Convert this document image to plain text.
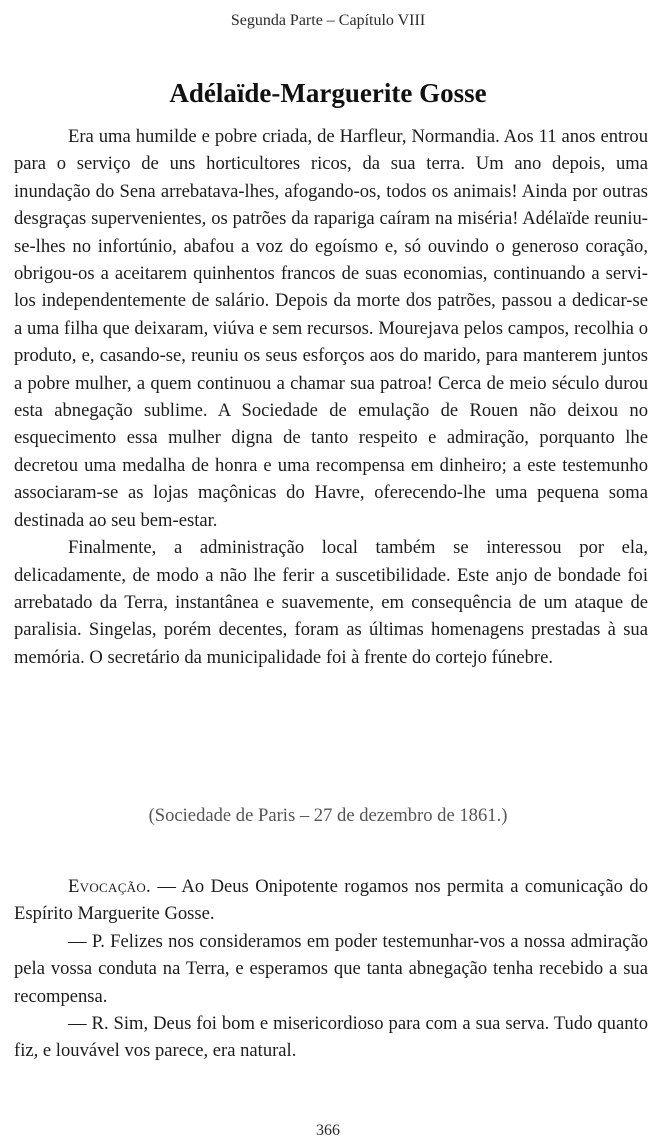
Segunda Parte – Capítulo VIII
Adélaïde-Marguerite Gosse

Era uma humilde e pobre criada, de Harfleur, Normandia. Aos 11 anos entrou para o serviço de uns horticultores ricos, da sua terra. Um ano depois, uma inundação do Sena arrebatava-lhes, afogando-os, todos os animais! Ainda por outras desgraças supervenientes, os patrões da rapariga caíram na miséria! Adélaïde reuniu-se-lhes no infortúnio, abafou a voz do egoísmo e, só ouvindo o generoso coração, obrigou-os a aceitarem quinhentos francos de suas economias, continuando a servi-los independentemente de salário. Depois da morte dos patrões, passou a dedicar-se a uma filha que deixaram, viúva e sem recursos. Mourejava pelos campos, recolhia o produto, e, casando-se, reuniu os seus esforços aos do marido, para manterem juntos a pobre mulher, a quem continuou a chamar sua patroa! Cerca de meio século durou esta abnegação sublime. A Sociedade de emulação de Rouen não deixou no esquecimento essa mulher digna de tanto respeito e admiração, porquanto lhe decretou uma medalha de honra e uma recompensa em dinheiro; a este testemunho associaram-se as lojas maçônicas do Havre, oferecendo-lhe uma pequena soma destinada ao seu bem-estar.

Finalmente, a administração local também se interessou por ela, delicadamente, de modo a não lhe ferir a suscetibilidade. Este anjo de bondade foi arrebatado da Terra, instantânea e suavemente, em consequência de um ataque de paralisia. Singelas, porém decentes, foram as últimas homenagens prestadas à sua memória. O secretário da municipalidade foi à frente do cortejo fúnebre.

(Sociedade de Paris – 27 de dezembro de 1861.)

Evocação. — Ao Deus Onipotente rogamos nos permita a comunicação do Espírito Marguerite Gosse.

— P. Felizes nos consideramos em poder testemunhar-vos a nossa admiração pela vossa conduta na Terra, e esperamos que tanta abnegação tenha recebido a sua recompensa.

— R. Sim, Deus foi bom e misericordioso para com a sua serva. Tudo quanto fiz, e louvável vos parece, era natural.

366
